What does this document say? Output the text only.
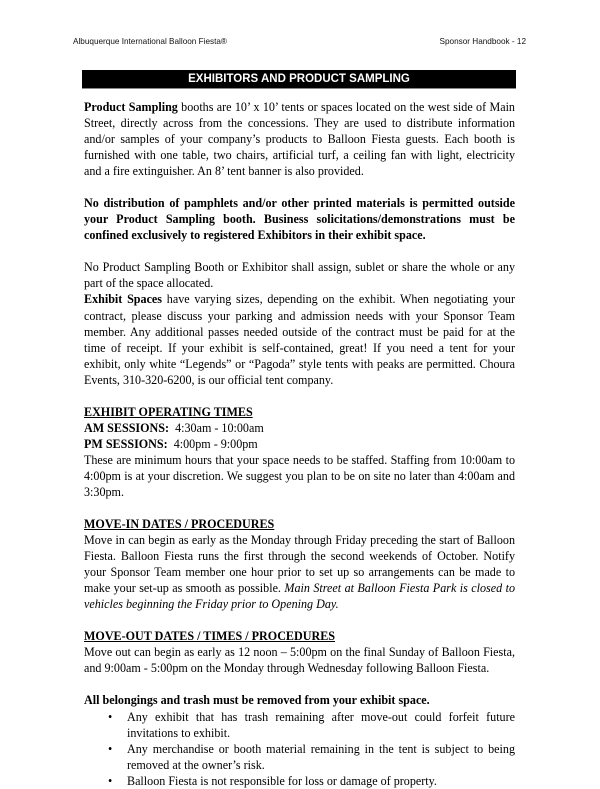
Albuquerque International Balloon Fiesta®	Sponsor Handbook - 12
EXHIBITORS AND PRODUCT SAMPLING

Product Sampling booths are 10’ x 10’ tents or spaces located on the west side of Main Street, directly across from the concessions. They are used to distribute information and/or samples of your company’s products to Balloon Fiesta guests. Each booth is furnished with one table, two chairs, artificial turf, a ceiling fan with light, electricity and a fire extinguisher. An 8’ tent banner is also provided.

No distribution of pamphlets and/or other printed materials is permitted outside your Product Sampling booth. Business solicitations/demonstrations must be confined exclusively to registered Exhibitors in their exhibit space.

No Product Sampling Booth or Exhibitor shall assign, sublet or share the whole or any part of the space allocated.

Exhibit Spaces have varying sizes, depending on the exhibit. When negotiating your contract, please discuss your parking and admission needs with your Sponsor Team member. Any additional passes needed outside of the contract must be paid for at the time of receipt. If your exhibit is self-contained, great! If you need a tent for your exhibit, only white “Legends” or “Pagoda” style tents with peaks are permitted. Choura Events, 310-320-6200, is our official tent company.

EXHIBIT OPERATING TIMES

AM SESSIONS:  4:30am - 10:00am

PM SESSIONS:  4:00pm - 9:00pm

These are minimum hours that your space needs to be staffed. Staffing from 10:00am to 4:00pm is at your discretion. We suggest you plan to be on site no later than 4:00am and 3:30pm.

MOVE-IN DATES / PROCEDURES

Move in can begin as early as the Monday through Friday preceding the start of Balloon Fiesta. Balloon Fiesta runs the first through the second weekends of October. Notify your Sponsor Team member one hour prior to set up so arrangements can be made to make your set-up as smooth as possible. Main Street at Balloon Fiesta Park is closed to vehicles beginning the Friday prior to Opening Day.

MOVE-OUT DATES / TIMES / PROCEDURES

Move out can begin as early as 12 noon – 5:00pm on the final Sunday of Balloon Fiesta, and 9:00am - 5:00pm on the Monday through Wednesday following Balloon Fiesta.

All belongings and trash must be removed from your exhibit space.

• Any exhibit that has trash remaining after move-out could forfeit future invitations to exhibit.
• Any merchandise or booth material remaining in the tent is subject to being removed at the owner’s risk.
• Balloon Fiesta is not responsible for loss or damage of property.
